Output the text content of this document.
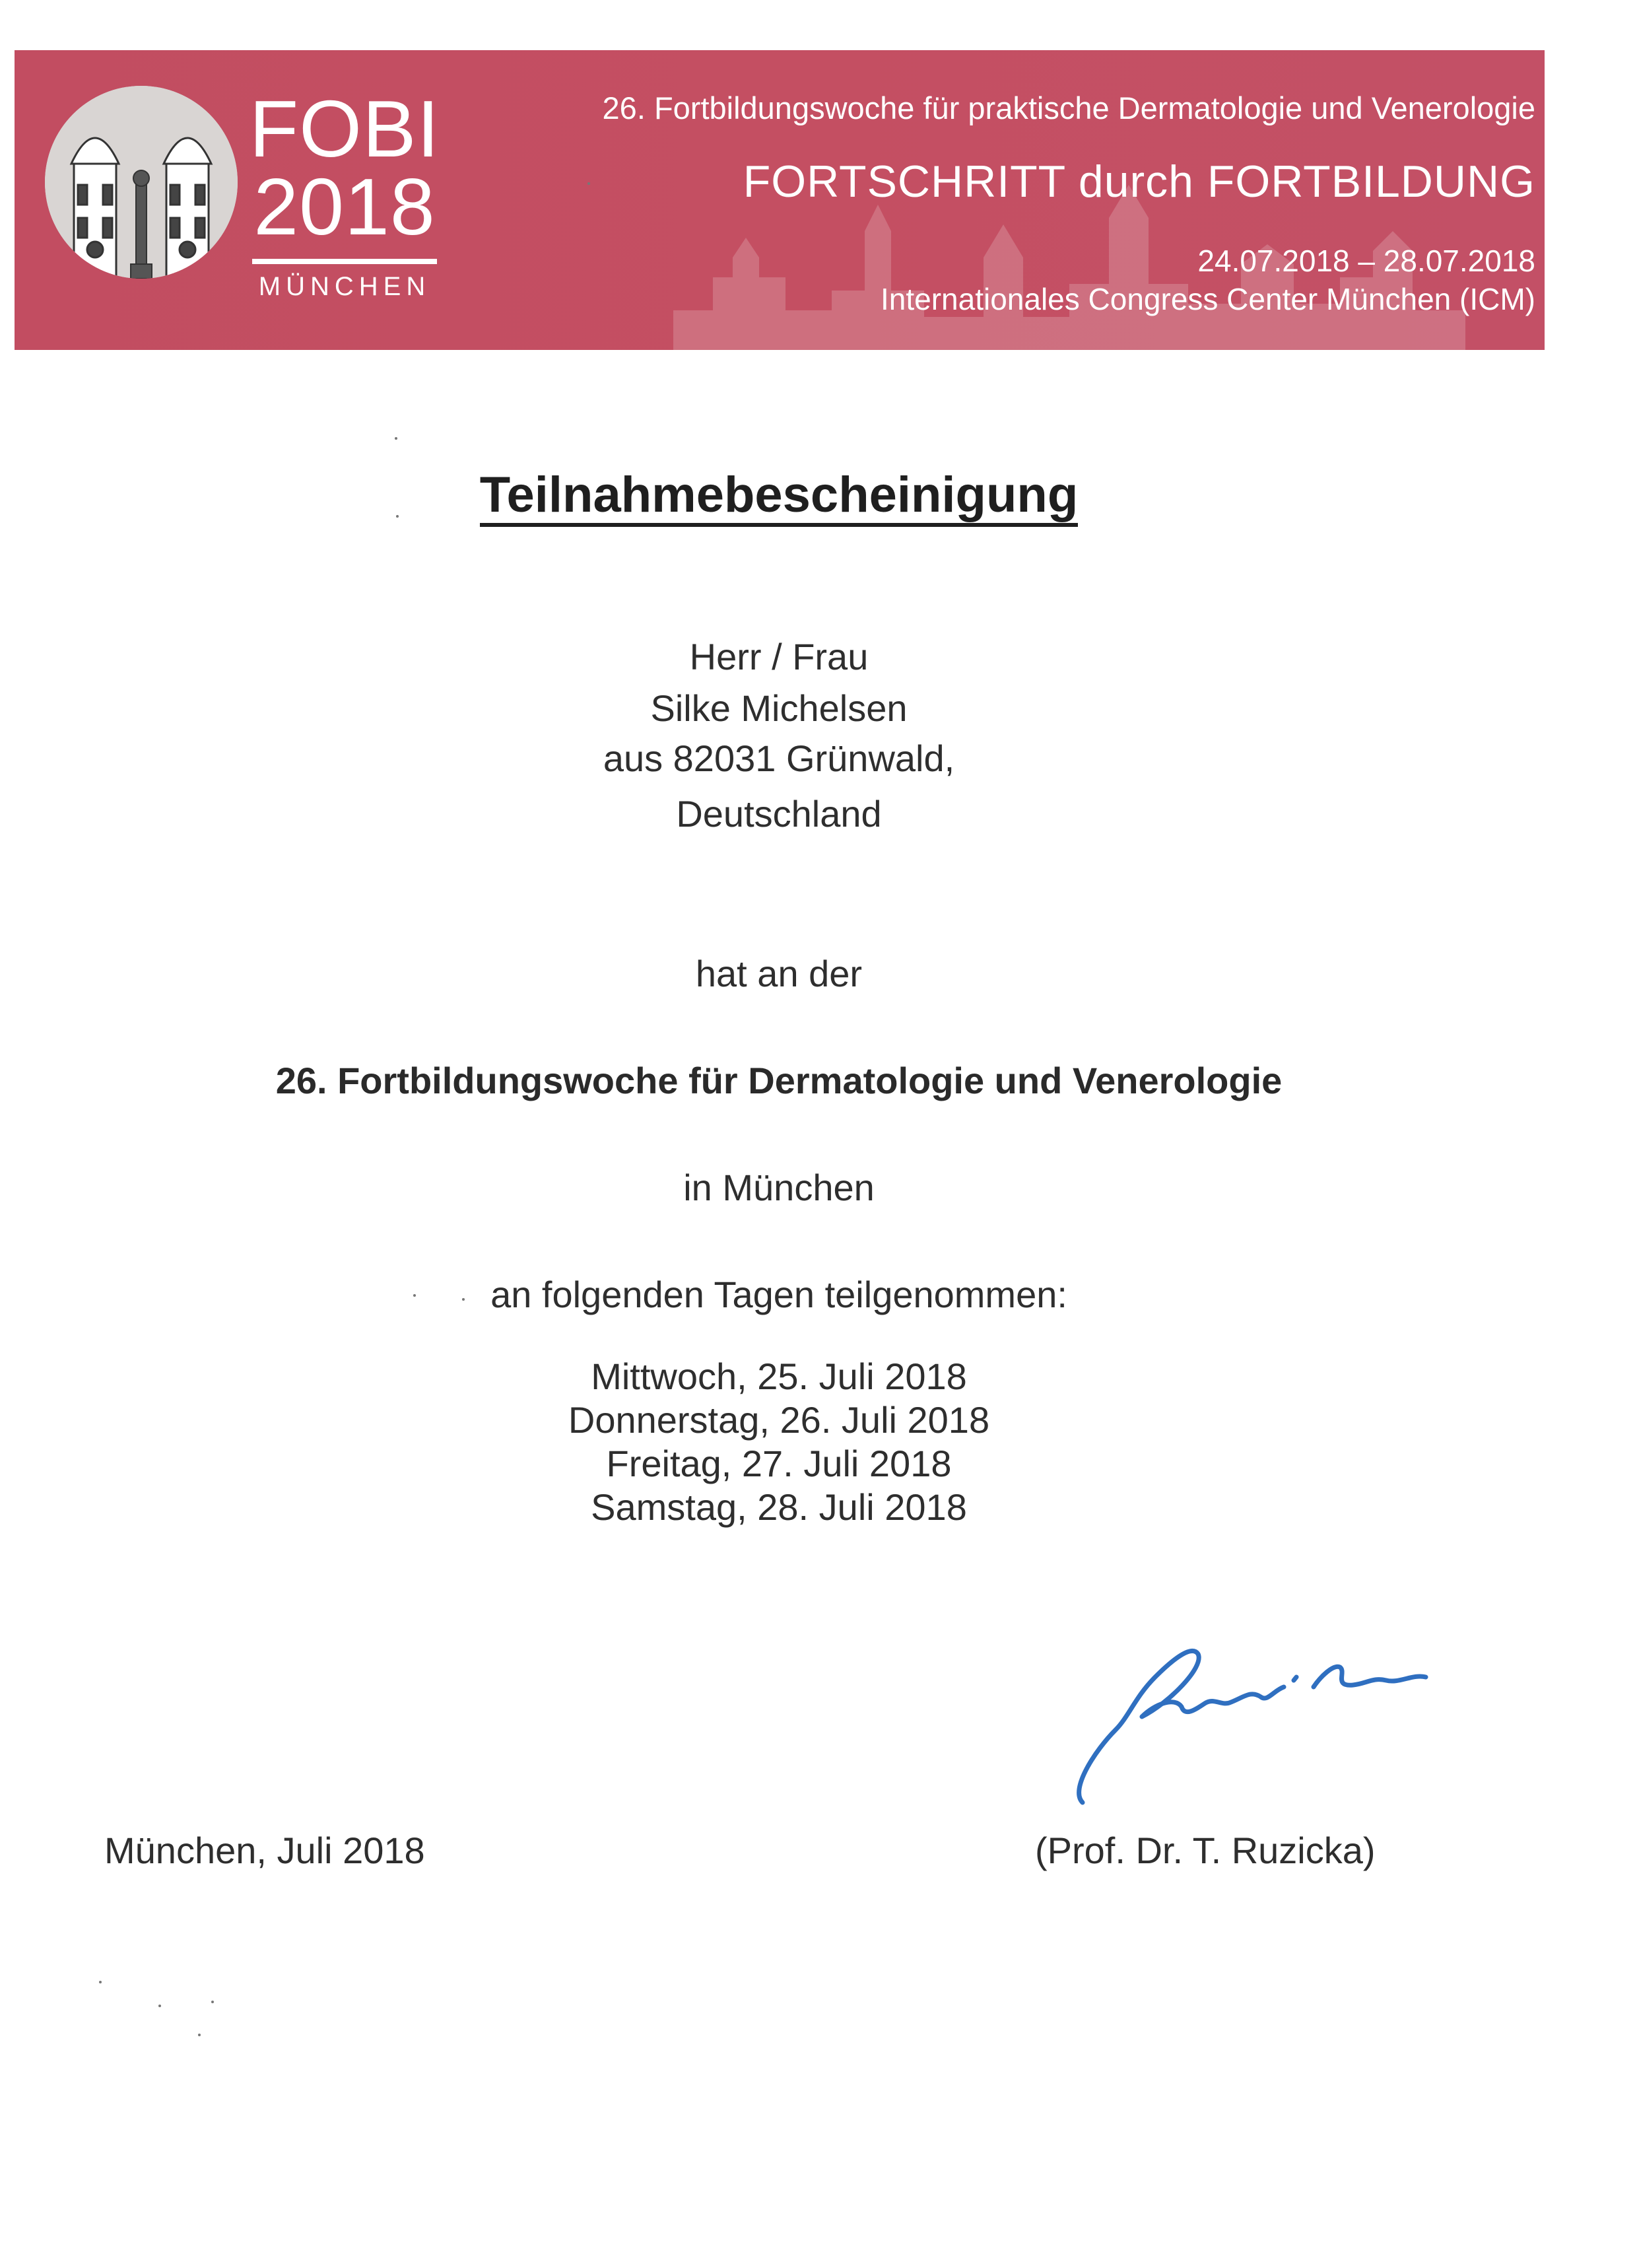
FOBI
2018
MÜNCHEN
26. Fortbildungswoche für praktische Dermatologie und Venerologie
FORTSCHRITT durch FORTBILDUNG
24.07.2018 – 28.07.2018
Internationales Congress Center München (ICM)
Teilnahmebescheinigung
Herr / Frau
Silke Michelsen
aus 82031 Grünwald,
Deutschland
hat an der
26. Fortbildungswoche für Dermatologie und Venerologie
in München
an folgenden Tagen teilgenommen:
Mittwoch, 25. Juli 2018
Donnerstag, 26. Juli 2018
Freitag, 27. Juli 2018
Samstag, 28. Juli 2018
München, Juli 2018	(Prof. Dr. T. Ruzicka)
